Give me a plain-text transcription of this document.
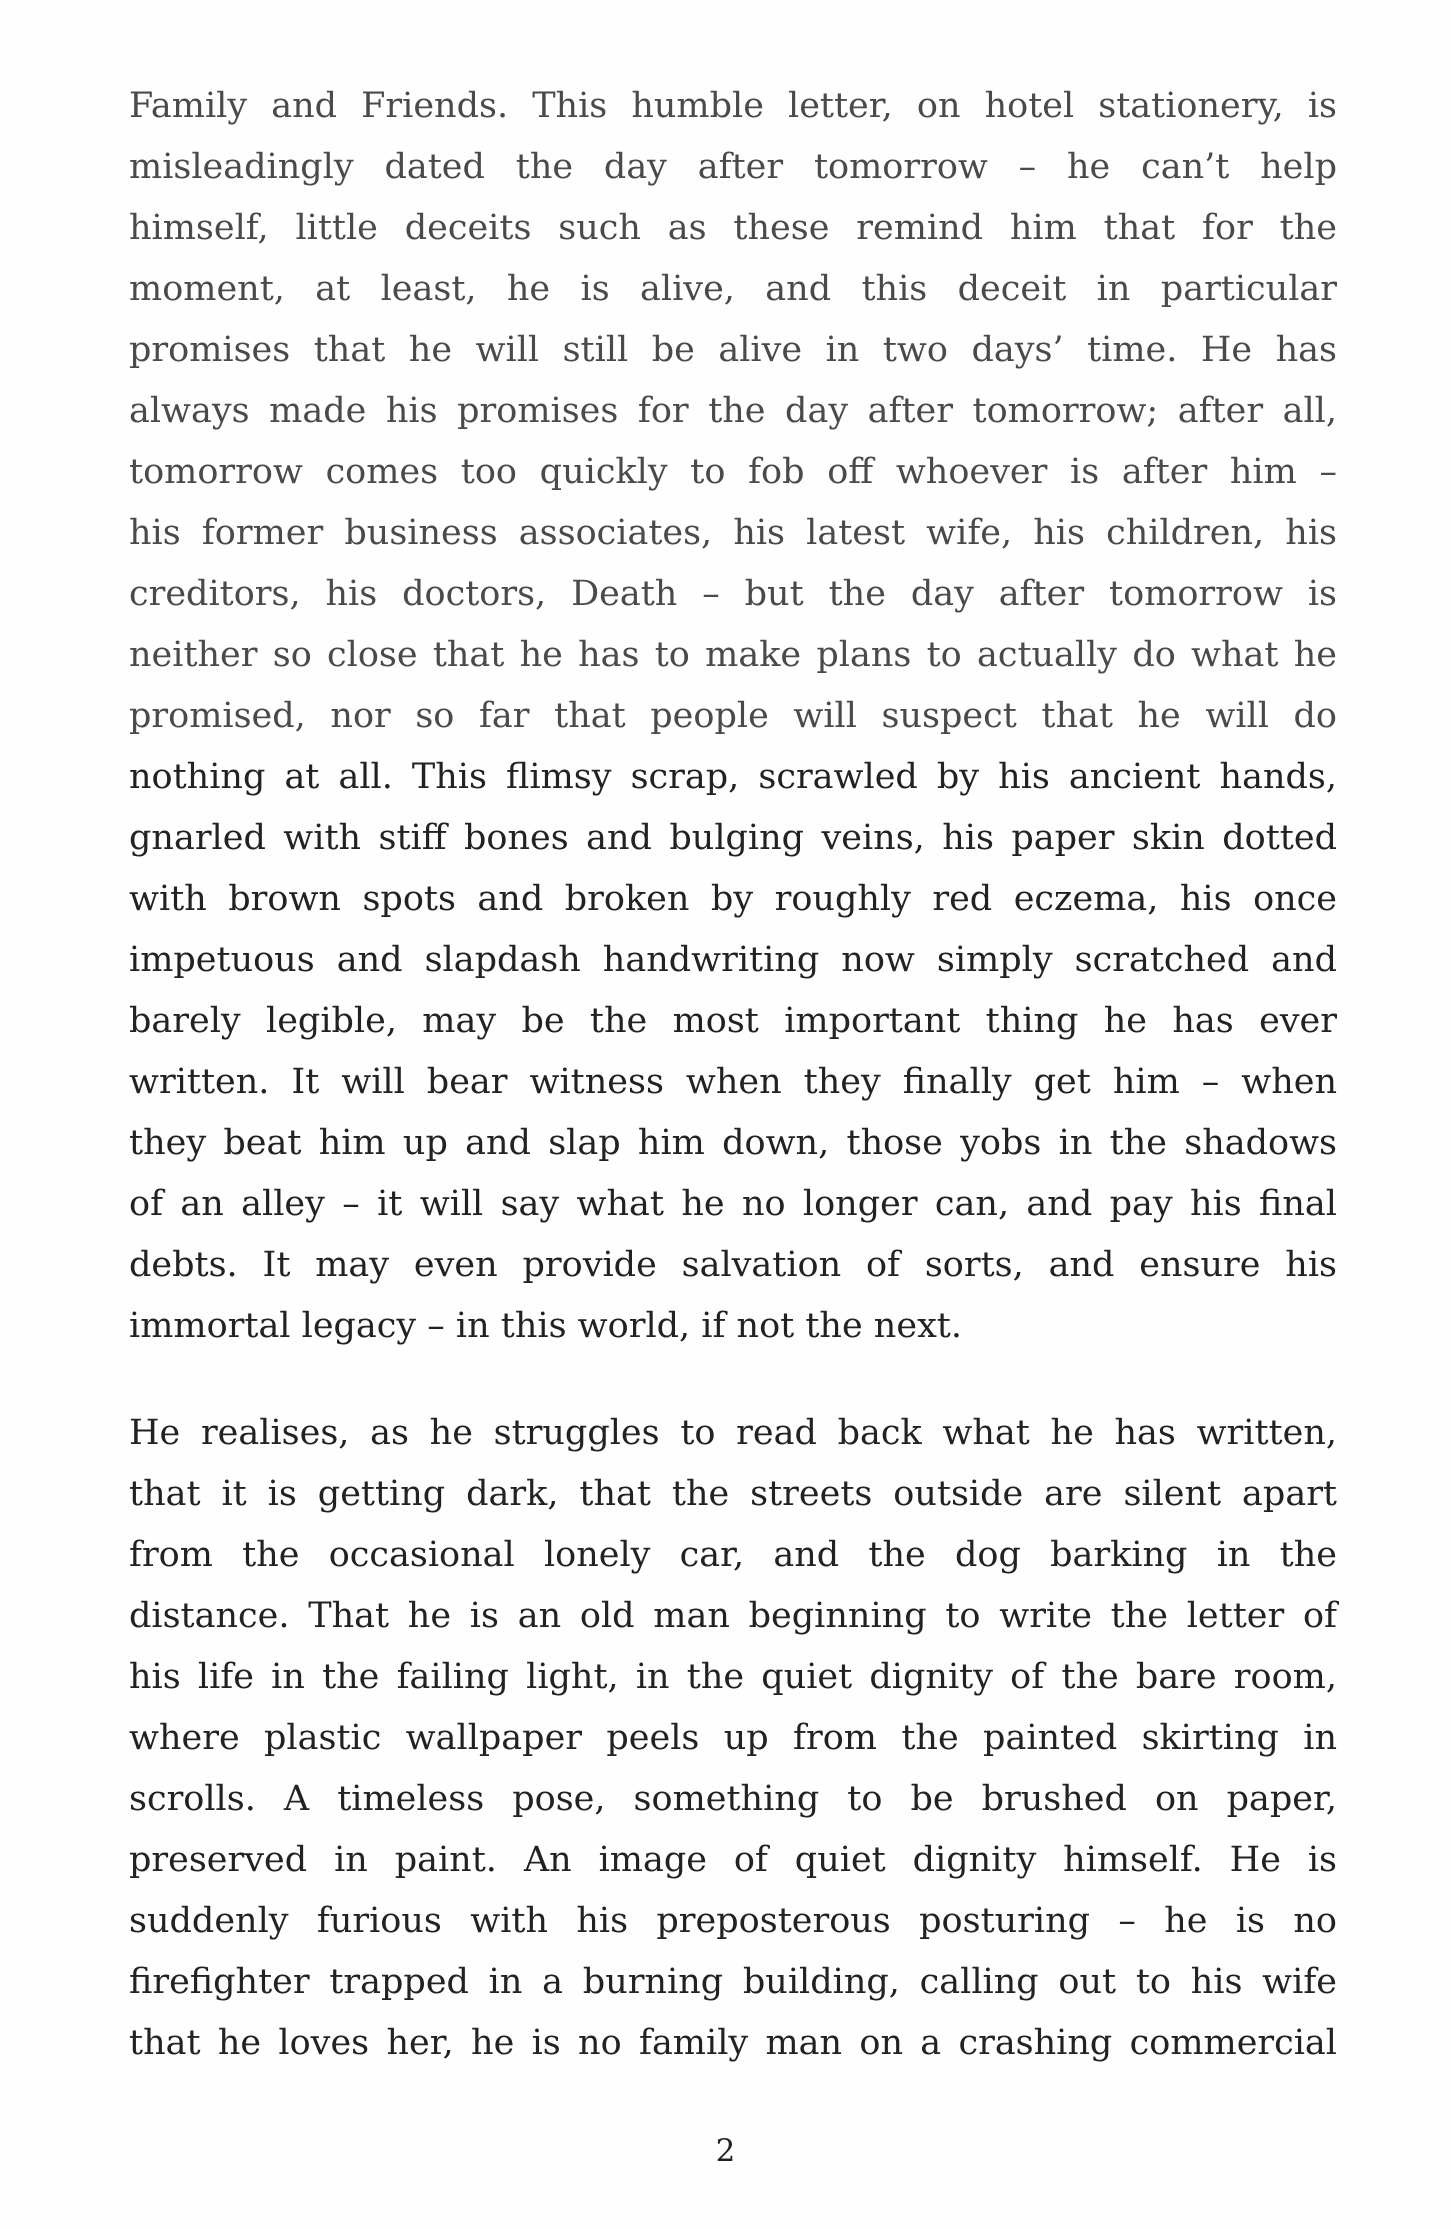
Family and Friends. This humble letter, on hotel stationery, is
misleadingly dated the day after tomorrow – he can’t help
himself, little deceits such as these remind him that for the
moment, at least, he is alive, and this deceit in particular
promises that he will still be alive in two days’ time. He has
always made his promises for the day after tomorrow; after all,
tomorrow comes too quickly to fob off whoever is after him –
his former business associates, his latest wife, his children, his
creditors, his doctors, Death – but the day after tomorrow is
neither so close that he has to make plans to actually do what he
promised, nor so far that people will suspect that he will do
nothing at all. This flimsy scrap, scrawled by his ancient hands,
gnarled with stiff bones and bulging veins, his paper skin dotted
with brown spots and broken by roughly red eczema, his once
impetuous and slapdash handwriting now simply scratched and
barely legible, may be the most important thing he has ever
written. It will bear witness when they finally get him – when
they beat him up and slap him down, those yobs in the shadows
of an alley – it will say what he no longer can, and pay his final
debts. It may even provide salvation of sorts, and ensure his
immortal legacy – in this world, if not the next.
He realises, as he struggles to read back what he has written,
that it is getting dark, that the streets outside are silent apart
from the occasional lonely car, and the dog barking in the
distance. That he is an old man beginning to write the letter of
his life in the failing light, in the quiet dignity of the bare room,
where plastic wallpaper peels up from the painted skirting in
scrolls. A timeless pose, something to be brushed on paper,
preserved in paint. An image of quiet dignity himself. He is
suddenly furious with his preposterous posturing – he is no
firefighter trapped in a burning building, calling out to his wife
that he loves her, he is no family man on a crashing commercial
2
